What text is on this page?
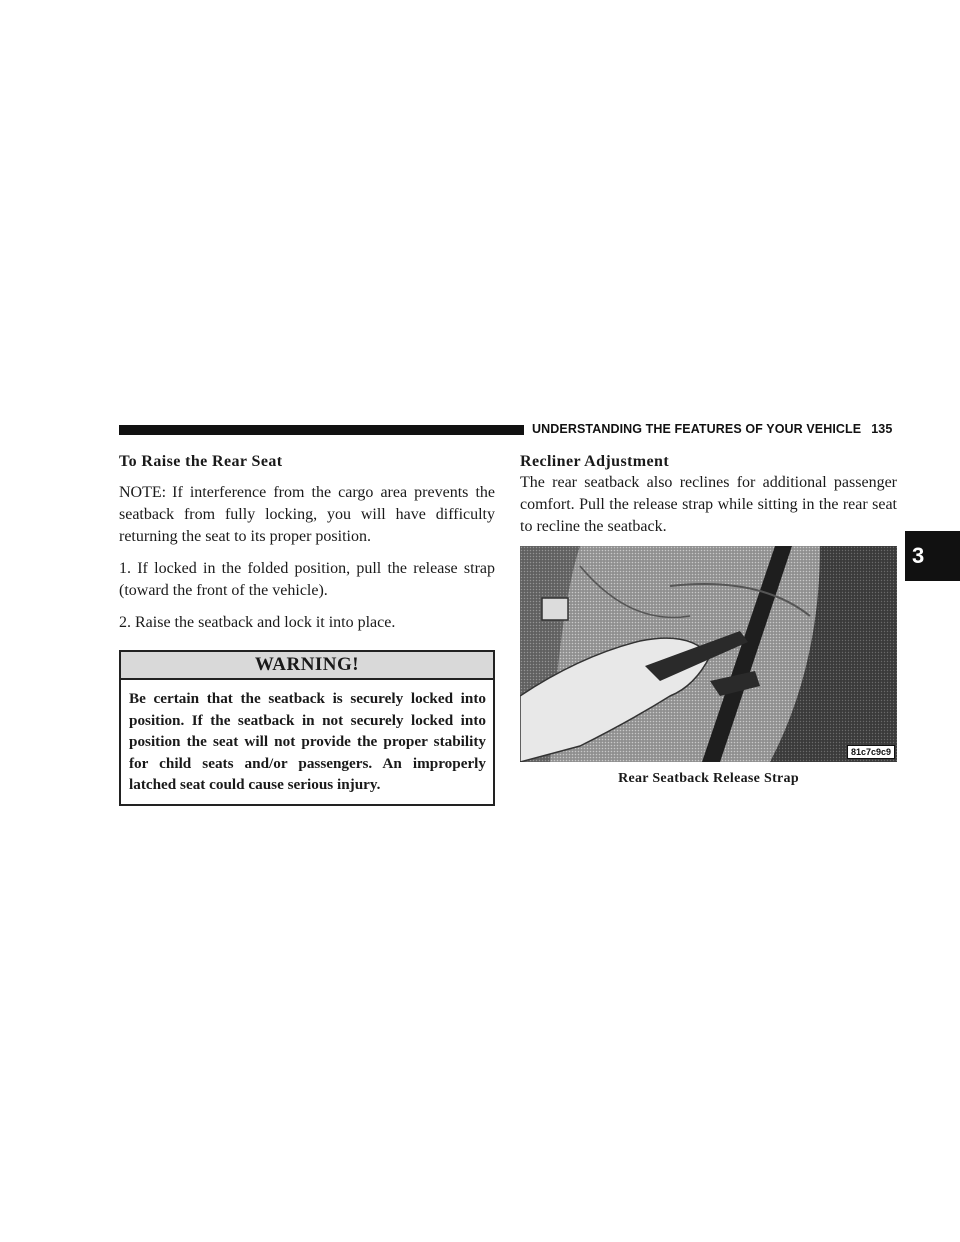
UNDERSTANDING THE FEATURES OF YOUR VEHICLE 135
To Raise the Rear Seat

NOTE: If interference from the cargo area prevents the seatback from fully locking, you will have difficulty returning the seat to its proper position.

1. If locked in the folded position, pull the release strap (toward the front of the vehicle).

2. Raise the seatback and lock it into place.

WARNING!
Be certain that the seatback is securely locked into position. If the seatback in not securely locked into position the seat will not provide the proper stability for child seats and/or passengers. An improperly latched seat could cause serious injury.
Recliner Adjustment

The rear seatback also reclines for additional passenger comfort. Pull the release strap while sitting in the rear seat to recline the seatback.

81c7c9c9
Rear Seatback Release Strap
3
